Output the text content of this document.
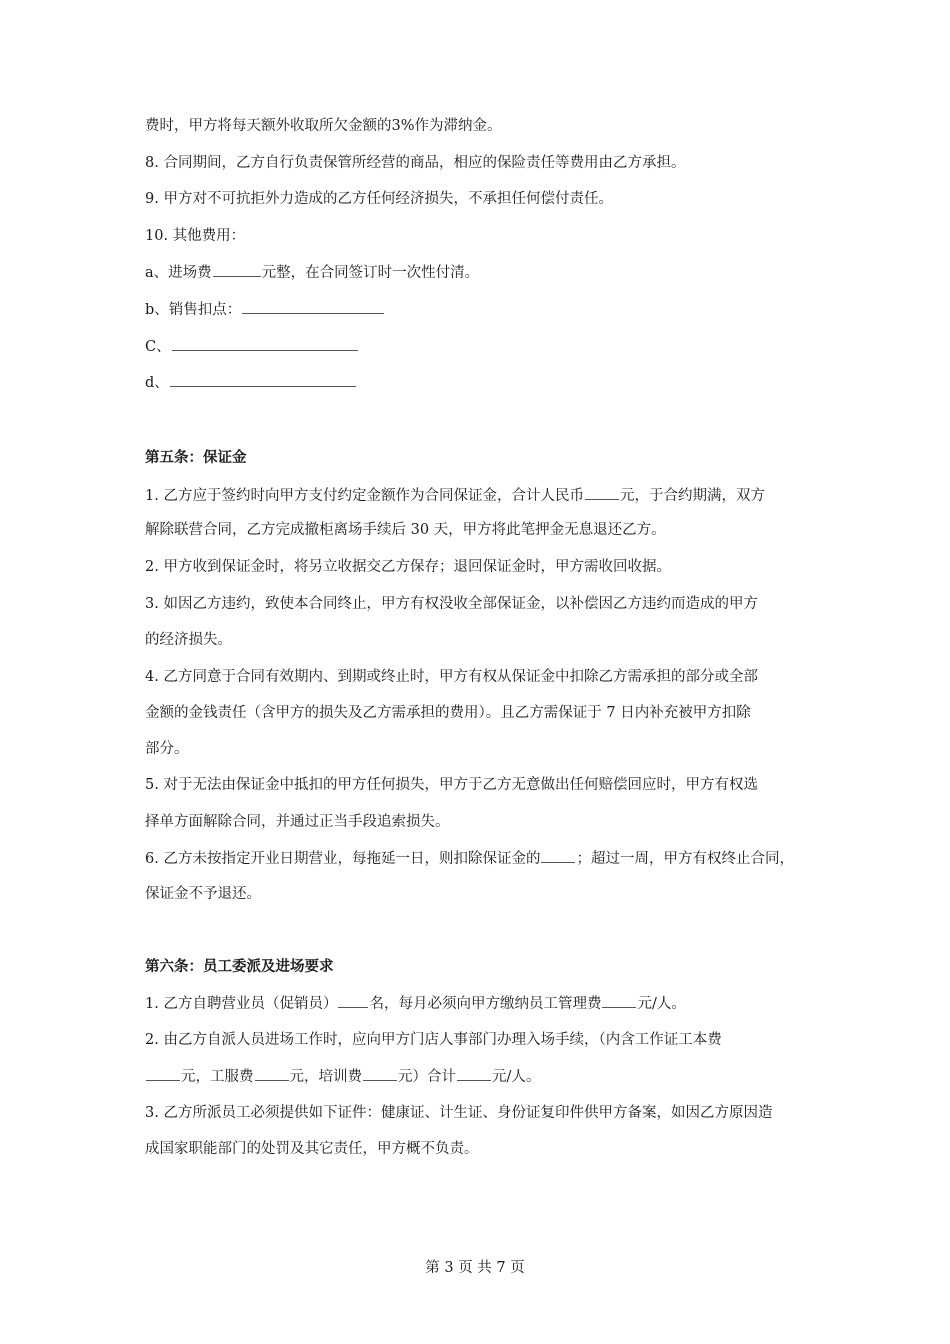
费时，甲方将每天额外收取所欠金额的3%作为滞纳金。
8. 合同期间，乙方自行负责保管所经营的商品，相应的保险责任等费用由乙方承担。
9. 甲方对不可抗拒外力造成的乙方任何经济损失，不承担任何偿付责任。
10. 其他费用：
a、进场费	元整，在合同签订时一次性付清。
b、销售扣点：
C、
d、
第五条：保证金
1. 乙方应于签约时向甲方支付约定金额作为合同保证金，合计人民币 元，于合约期满，双方
解除联营合同，乙方完成撤柜离场手续后 30 天，甲方将此笔押金无息退还乙方。
2. 甲方收到保证金时，将另立收据交乙方保存；退回保证金时，甲方需收回收据。
3. 如因乙方违约，致使本合同终止，甲方有权没收全部保证金，以补偿因乙方违约而造成的甲方
的经济损失。
4. 乙方同意于合同有效期内、到期或终止时，甲方有权从保证金中扣除乙方需承担的部分或全部
金额的金钱责任（含甲方的损失及乙方需承担的费用）。且乙方需保证于 7 日内补充被甲方扣除
部分。
5. 对于无法由保证金中抵扣的甲方任何损失，甲方于乙方无意做出任何赔偿回应时，甲方有权选
择单方面解除合同，并通过正当手段追索损失。
6. 乙方未按指定开业日期营业，每拖延一日，则扣除保证金的 ；超过一周，甲方有权终止合同，
保证金不予退还。
第六条：员工委派及进场要求
1. 乙方自聘营业员（促销员） 名，每月必须向甲方缴纳员工管理费 元/人。
2. 由乙方自派人员进场工作时，应向甲方门店人事部门办理入场手续，（内含工作证工本费
元，工服费 元，培训费 元）合计 元/人。
3. 乙方所派员工必须提供如下证件：健康证、计生证、身份证复印件供甲方备案，如因乙方原因造
成国家职能部门的处罚及其它责任，甲方概不负责。
第 3 页 共 7 页
